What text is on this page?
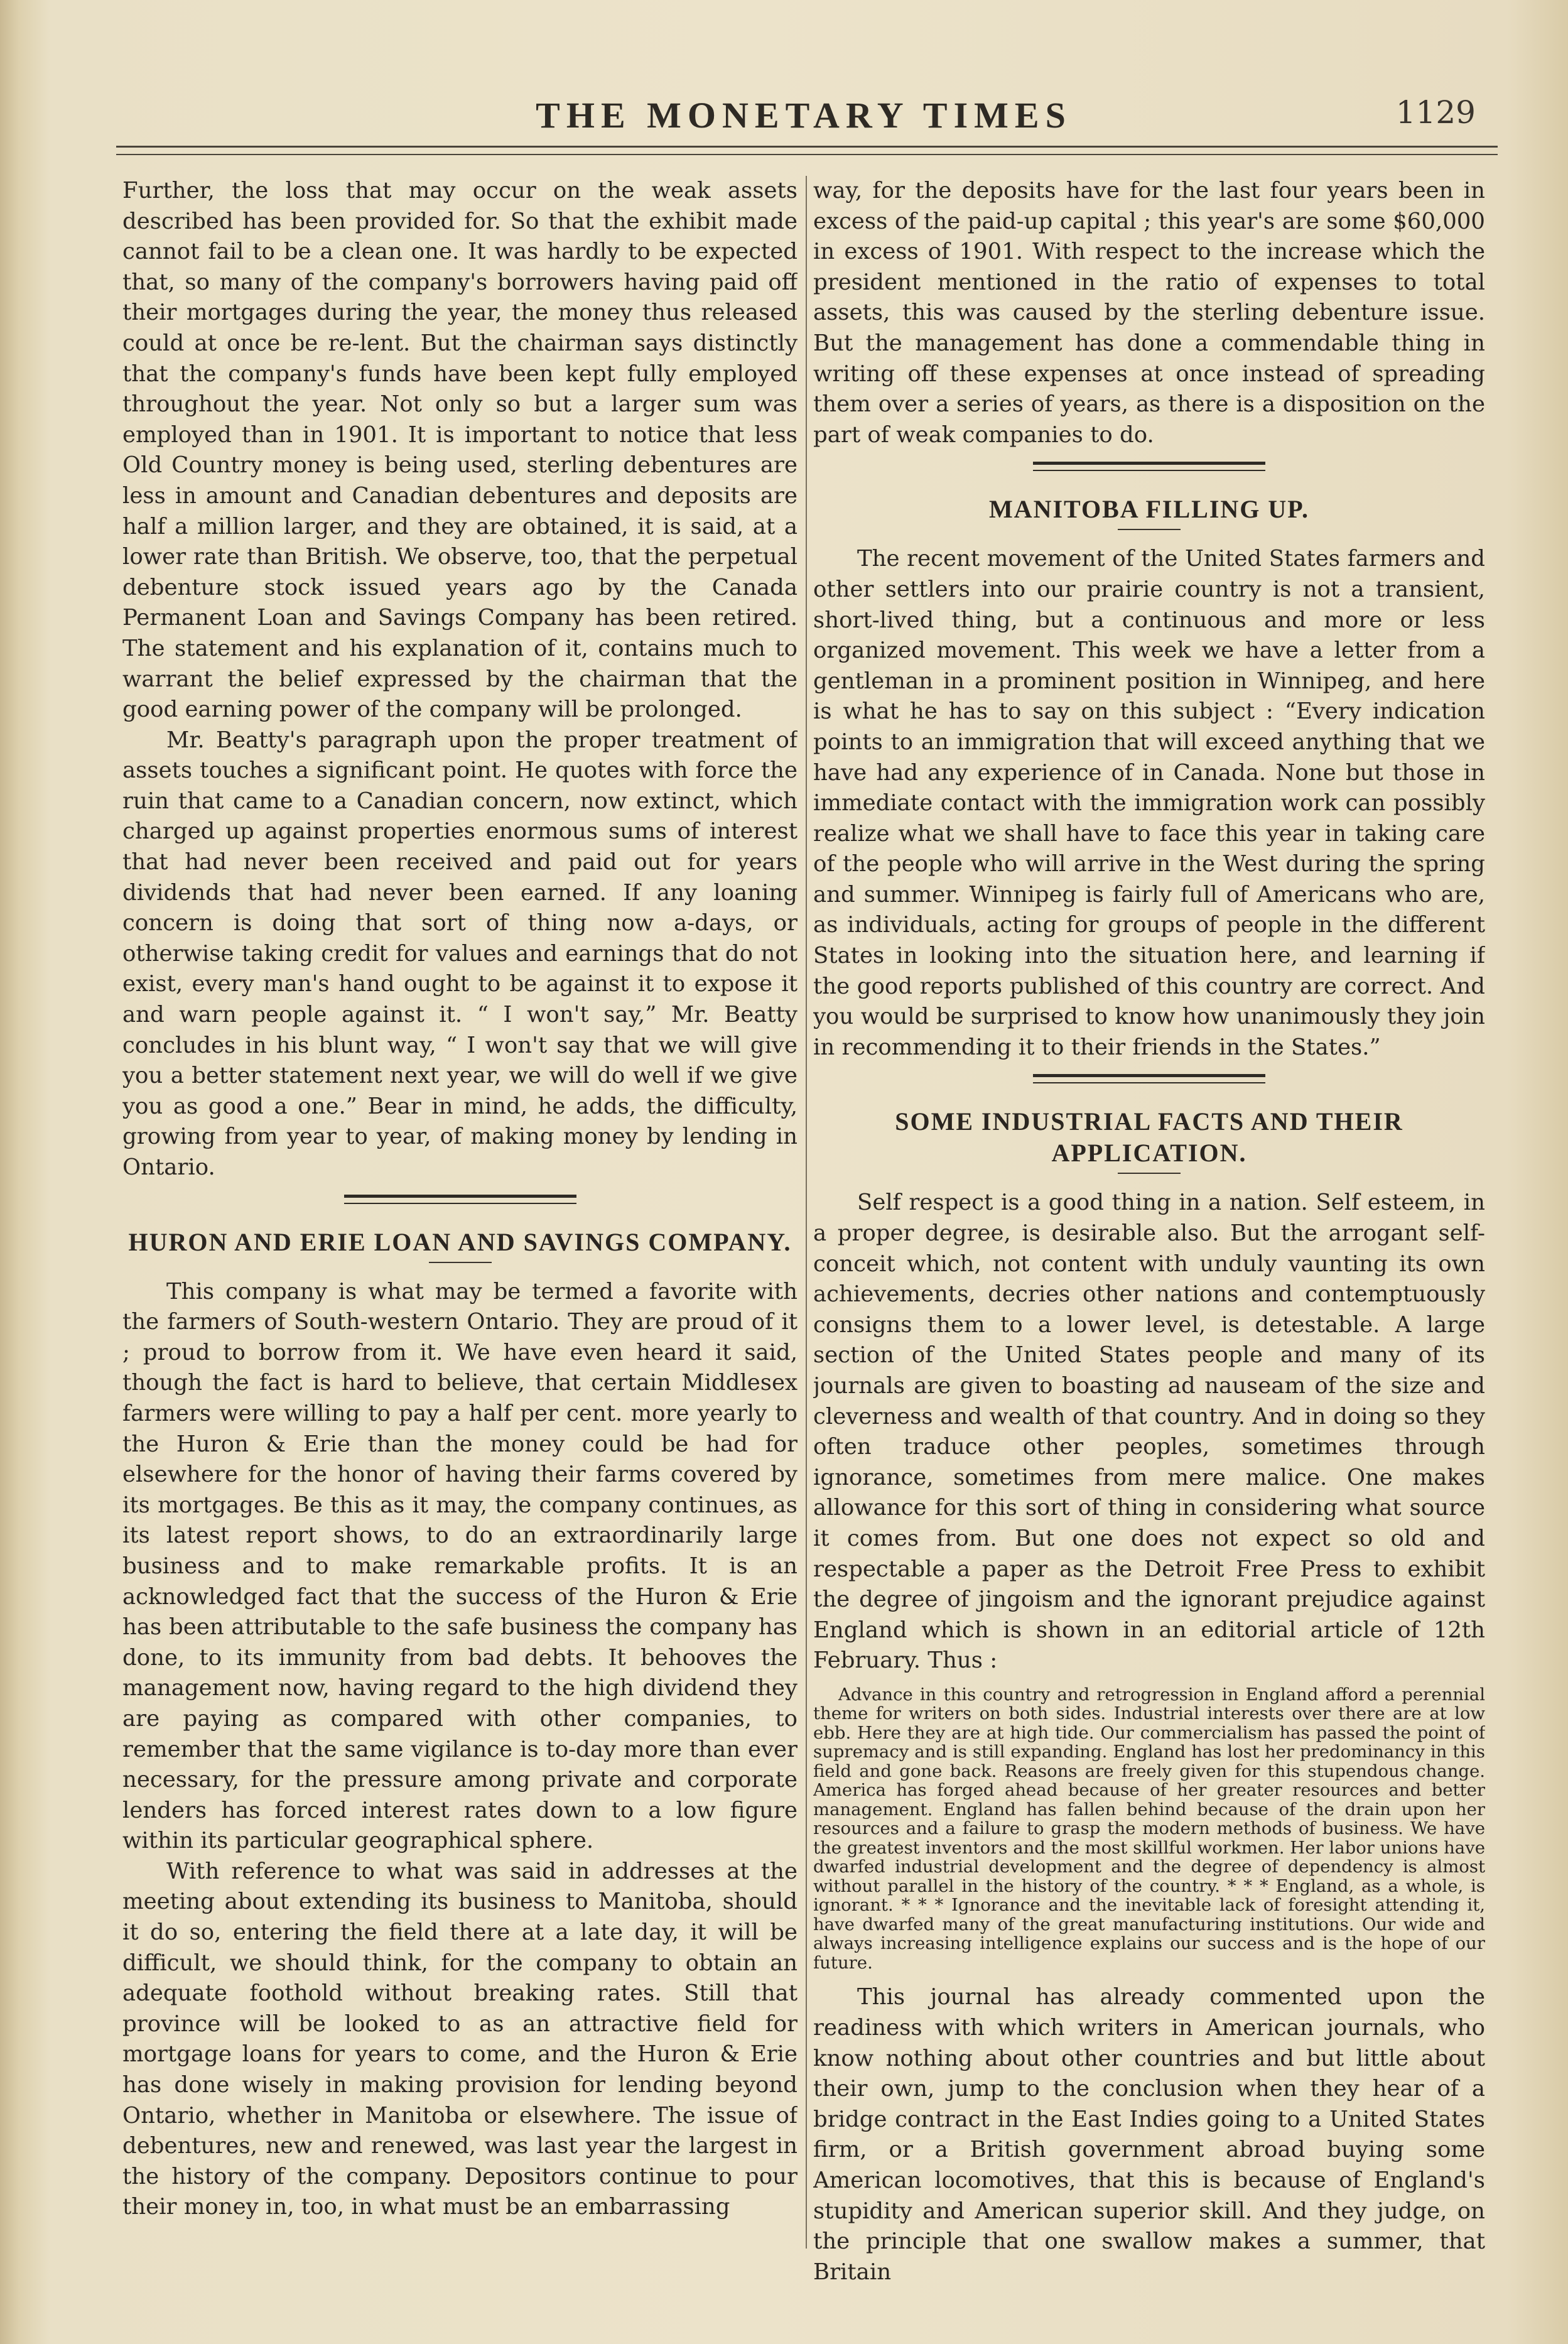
THE MONETARY TIMES	1129

Further, the loss that may occur on the weak assets described has been provided for. So that the exhibit made cannot fail to be a clean one. It was hardly to be expected that, so many of the company's borrowers having paid off their mortgages during the year, the money thus released could at once be re-lent. But the chairman says distinctly that the company's funds have been kept fully employed throughout the year. Not only so but a larger sum was employed than in 1901. It is important to notice that less Old Country money is being used, sterling debentures are less in amount and Canadian debentures and deposits are half a million larger, and they are obtained, it is said, at a lower rate than British. We observe, too, that the perpetual debenture stock issued years ago by the Canada Permanent Loan and Savings Company has been retired. The statement and his explanation of it, contains much to warrant the belief expressed by the chairman that the good earning power of the company will be prolonged.

Mr. Beatty's paragraph upon the proper treatment of assets touches a significant point. He quotes with force the ruin that came to a Canadian concern, now extinct, which charged up against properties enormous sums of interest that had never been received and paid out for years dividends that had never been earned. If any loaning concern is doing that sort of thing now a-days, or otherwise taking credit for values and earnings that do not exist, every man's hand ought to be against it to expose it and warn people against it. “ I won't say,” Mr. Beatty concludes in his blunt way, “ I won't say that we will give you a better statement next year, we will do well if we give you as good a one.” Bear in mind, he adds, the difficulty, growing from year to year, of making money by lending in Ontario.

HURON AND ERIE LOAN AND SAVINGS COMPANY.

This company is what may be termed a favorite with the farmers of South-western Ontario. They are proud of it ; proud to borrow from it. We have even heard it said, though the fact is hard to believe, that certain Middlesex farmers were willing to pay a half per cent. more yearly to the Huron & Erie than the money could be had for elsewhere for the honor of having their farms covered by its mortgages. Be this as it may, the company continues, as its latest report shows, to do an extraordinarily large business and to make remarkable profits. It is an acknowledged fact that the success of the Huron & Erie has been attributable to the safe business the company has done, to its immunity from bad debts. It behooves the management now, having regard to the high dividend they are paying as compared with other companies, to remember that the same vigilance is to-day more than ever necessary, for the pressure among private and corporate lenders has forced interest rates down to a low figure within its particular geographical sphere.

With reference to what was said in addresses at the meeting about extending its business to Manitoba, should it do so, entering the field there at a late day, it will be difficult, we should think, for the company to obtain an adequate foothold without breaking rates. Still that province will be looked to as an attractive field for mortgage loans for years to come, and the Huron & Erie has done wisely in making provision for lending beyond Ontario, whether in Manitoba or elsewhere. The issue of debentures, new and renewed, was last year the largest in the history of the company. Depositors continue to pour their money in, too, in what must be an embarrassing

way, for the deposits have for the last four years been in excess of the paid-up capital ; this year's are some $60,000 in excess of 1901. With respect to the increase which the president mentioned in the ratio of expenses to total assets, this was caused by the sterling debenture issue. But the management has done a commendable thing in writing off these expenses at once instead of spreading them over a series of years, as there is a disposition on the part of weak companies to do.

MANITOBA FILLING UP.

The recent movement of the United States farmers and other settlers into our prairie country is not a transient, short-lived thing, but a continuous and more or less organized movement. This week we have a letter from a gentleman in a prominent position in Winnipeg, and here is what he has to say on this subject : “Every indication points to an immigration that will exceed anything that we have had any experience of in Canada. None but those in immediate contact with the immigration work can possibly realize what we shall have to face this year in taking care of the people who will arrive in the West during the spring and summer. Winnipeg is fairly full of Americans who are, as individuals, acting for groups of people in the different States in looking into the situation here, and learning if the good reports published of this country are correct. And you would be surprised to know how unanimously they join in recommending it to their friends in the States.”

SOME INDUSTRIAL FACTS AND THEIR APPLICATION.

Self respect is a good thing in a nation. Self esteem, in a proper degree, is desirable also. But the arrogant self-conceit which, not content with unduly vaunting its own achievements, decries other nations and contemptuously consigns them to a lower level, is detestable. A large section of the United States people and many of its journals are given to boasting ad nauseam of the size and cleverness and wealth of that country. And in doing so they often traduce other peoples, sometimes through ignorance, sometimes from mere malice. One makes allowance for this sort of thing in considering what source it comes from. But one does not expect so old and respectable a paper as the Detroit Free Press to exhibit the degree of jingoism and the ignorant prejudice against England which is shown in an editorial article of 12th February. Thus :

Advance in this country and retrogression in England afford a perennial theme for writers on both sides. Industrial interests over there are at low ebb. Here they are at high tide. Our commercialism has passed the point of supremacy and is still expanding. England has lost her predominancy in this field and gone back. Reasons are freely given for this stupendous change. America has forged ahead because of her greater resources and better management. England has fallen behind because of the drain upon her resources and a failure to grasp the modern methods of business. We have the greatest inventors and the most skillful workmen. Her labor unions have dwarfed industrial development and the degree of dependency is almost without parallel in the history of the country. * * * England, as a whole, is ignorant. * * * Ignorance and the inevitable lack of foresight attending it, have dwarfed many of the great manufacturing institutions. Our wide and always increasing intelligence explains our success and is the hope of our future.

This journal has already commented upon the readiness with which writers in American journals, who know nothing about other countries and but little about their own, jump to the conclusion when they hear of a bridge contract in the East Indies going to a United States firm, or a British government abroad buying some American locomotives, that this is because of England's stupidity and American superior skill. And they judge, on the principle that one swallow makes a summer, that Britain
